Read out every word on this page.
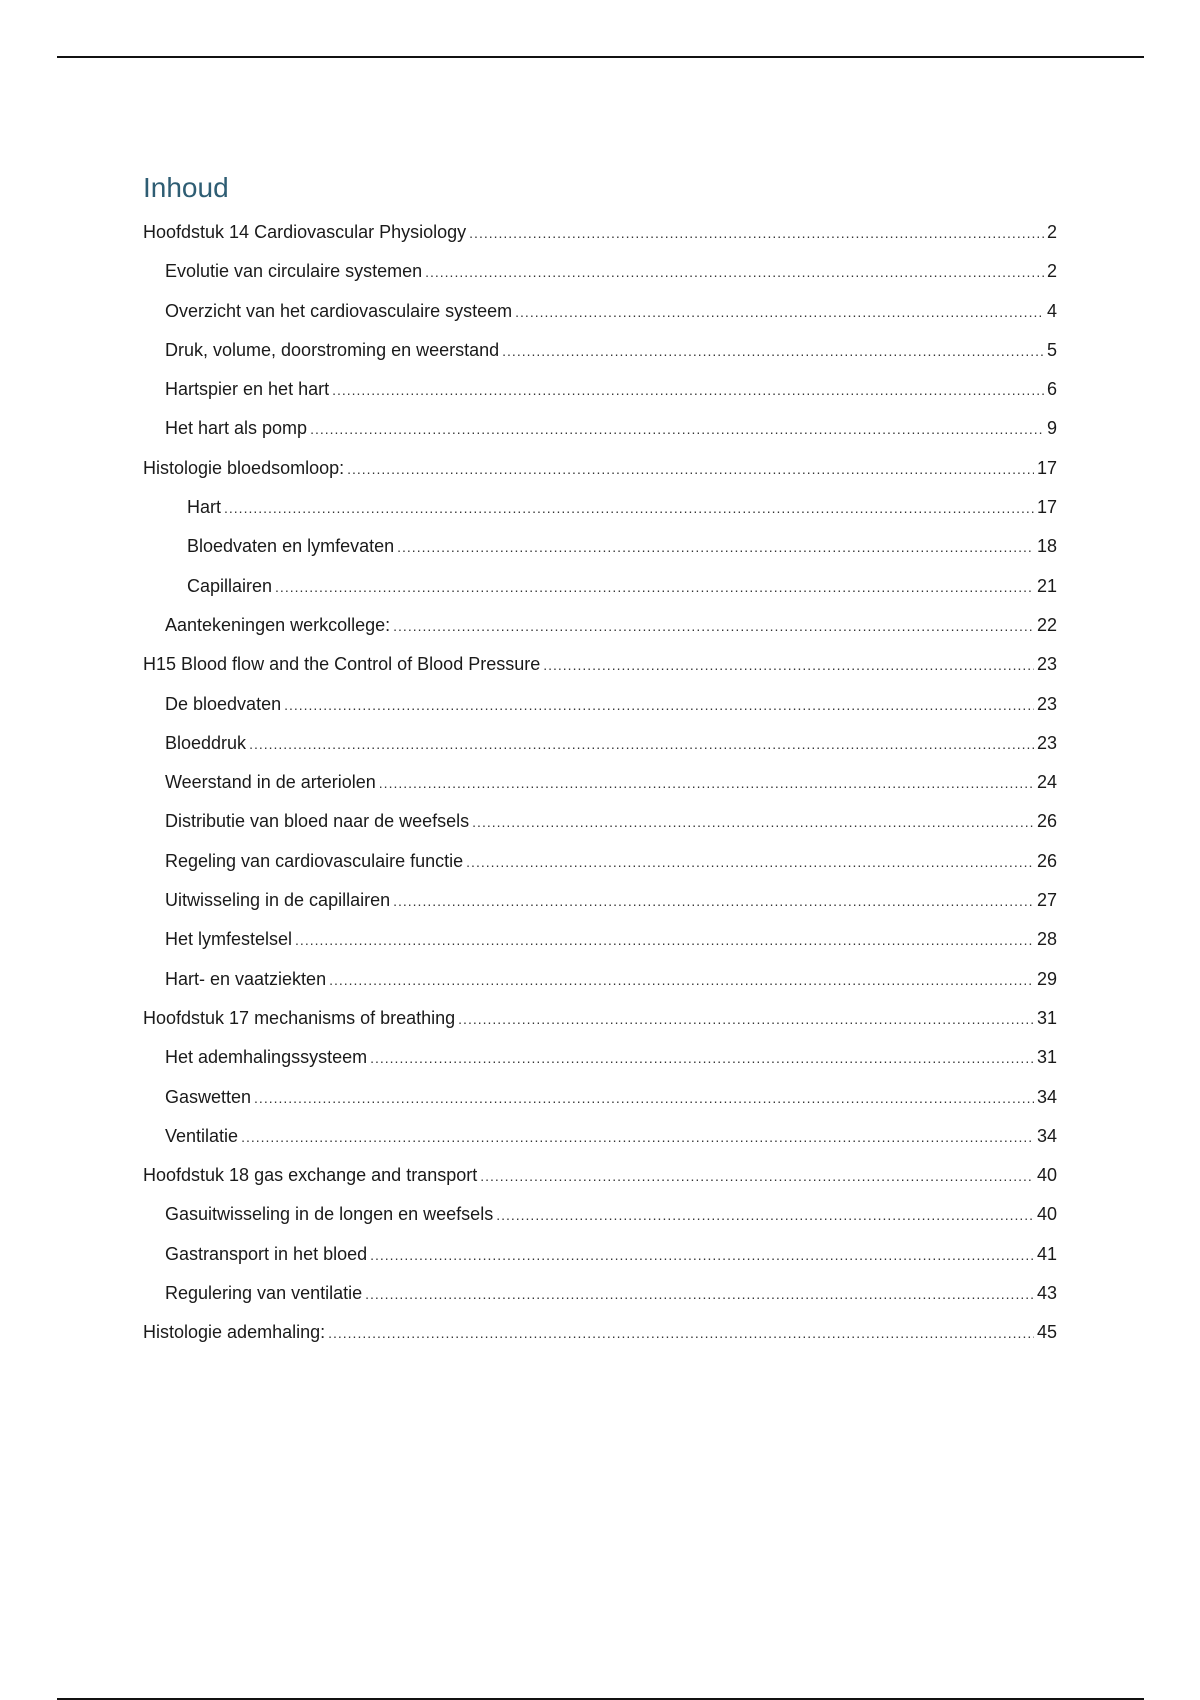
Inhoud
Hoofdstuk 14 Cardiovascular Physiology .....	2
Evolutie van circulaire systemen .....	2
Overzicht van het cardiovasculaire systeem .....	4
Druk, volume, doorstroming en weerstand .....	5
Hartspier en het hart .....	6
Het hart als pomp .....	9
Histologie bloedsomloop: .....	17
Hart .....	17
Bloedvaten en lymfevaten .....	18
Capillairen .....	21
Aantekeningen werkcollege: .....	22
H15 Blood flow and the Control of Blood Pressure .....	23
De bloedvaten .....	23
Bloeddruk .....	23
Weerstand in de arteriolen .....	24
Distributie van bloed naar de weefsels .....	26
Regeling van cardiovasculaire functie .....	26
Uitwisseling in de capillairen .....	27
Het lymfestelsel .....	28
Hart- en vaatziekten .....	29
Hoofdstuk 17 mechanisms of breathing .....	31
Het ademhalingssysteem .....	31
Gaswetten .....	34
Ventilatie .....	34
Hoofdstuk 18 gas exchange and transport .....	40
Gasuitwisseling in de longen en weefsels .....	40
Gastransport in het bloed .....	41
Regulering van ventilatie .....	43
Histologie ademhaling: .....	45
